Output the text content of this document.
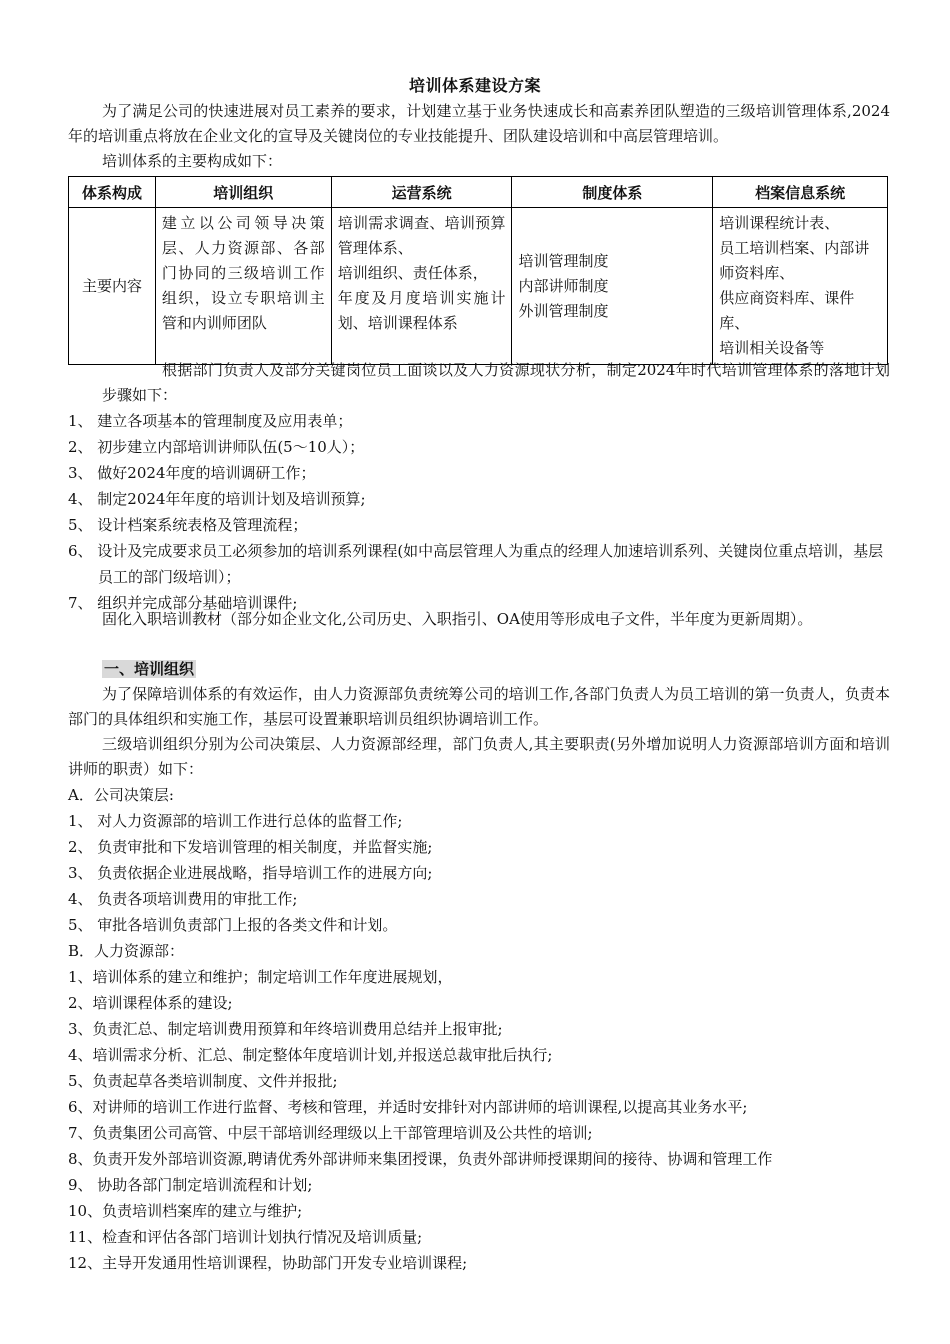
培训体系建设方案

为了满足公司的快速进展对员工素养的要求，计划建立基于业务快速成长和高素养团队塑造的三级培训管理体系,2024年的培训重点将放在企业文化的宣导及关键岗位的专业技能提升、团队建设培训和中高层管理培训。

培训体系的主要构成如下：

体系构成	培训组织	运营系统	制度体系	档案信息系统
主要内容	建立以公司领导决策层、人力资源部、各部门协同的三级培训工作组织，设立专职培训主管和内训师团队	培训需求调查、培训预算管理体系、
培训组织、责任体系，
年度及月度培训实施计划、培训课程体系	培训管理制度
内部讲师制度
外训管理制度	培训课程统计表、
员工培训档案、内部讲师资料库、
供应商资料库、课件库、
培训相关设备等

根据部门负责人及部分关键岗位员工面谈以及人力资源现状分析，制定2024年时代培训管理体系的落地计划步骤如下：

1、 建立各项基本的管理制度及应用表单；
2、 初步建立内部培训讲师队伍(5～10人）；
3、 做好2024年度的培训调研工作；
4、 制定2024年年度的培训计划及培训预算;
5、 设计档案系统表格及管理流程；
6、 设计及完成要求员工必须参加的培训系列课程(如中高层管理人为重点的经理人加速培训系列、关键岗位重点培训，基层员工的部门级培训）；
7、 组织并完成部分基础培训课件;

固化入职培训教材（部分如企业文化,公司历史、入职指引、OA使用等形成电子文件，半年度为更新周期）。

一、培训组织

为了保障培训体系的有效运作，由人力资源部负责统筹公司的培训工作,各部门负责人为员工培训的第一负责人，负责本部门的具体组织和实施工作，基层可设置兼职培训员组织协调培训工作。

三级培训组织分别为公司决策层、人力资源部经理，部门负责人,其主要职责(另外增加说明人力资源部培训方面和培训讲师的职责）如下：

A．公司决策层:
1、 对人力资源部的培训工作进行总体的监督工作;
2、 负责审批和下发培训管理的相关制度，并监督实施;
3、 负责依据企业进展战略，指导培训工作的进展方向;
4、 负责各项培训费用的审批工作;
5、 审批各培训负责部门上报的各类文件和计划。
B．人力资源部：
1、培训体系的建立和维护；制定培训工作年度进展规划，
2、培训课程体系的建设;
3、负责汇总、制定培训费用预算和年终培训费用总结并上报审批;
4、培训需求分析、汇总、制定整体年度培训计划,并报送总裁审批后执行;
5、负责起草各类培训制度、文件并报批;
6、对讲师的培训工作进行监督、考核和管理，并适时安排针对内部讲师的培训课程,以提高其业务水平;
7、负责集团公司高管、中层干部培训经理级以上干部管理培训及公共性的培训;
8、负责开发外部培训资源,聘请优秀外部讲师来集团授课，负责外部讲师授课期间的接待、协调和管理工作
9、 协助各部门制定培训流程和计划;
10、负责培训档案库的建立与维护;
11、检查和评估各部门培训计划执行情况及培训质量;
12、主导开发通用性培训课程，协助部门开发专业培训课程;
